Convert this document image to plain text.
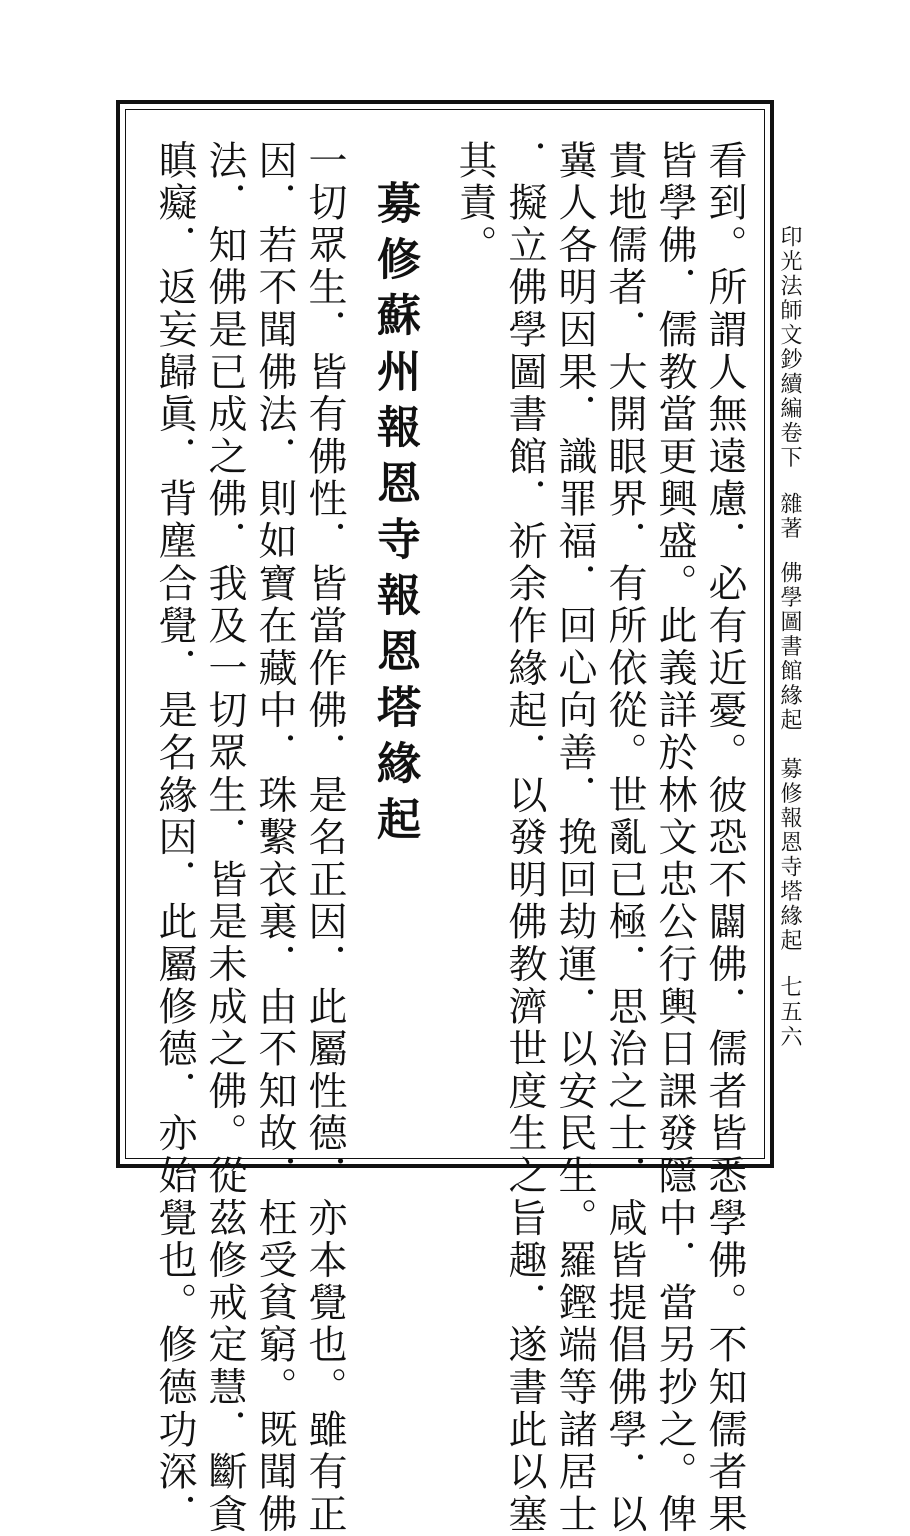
印光法師文鈔續編卷下雜著佛學圖書館緣起　募修報恩寺塔緣起
七五六
看到。所謂人無遠慮．必有近憂。彼恐不闢佛．儒者皆悉學佛。不知儒者果
皆學佛．儒教當更興盛。此義詳於林文忠公行輿日課發隱中．當另抄之。俾
貴地儒者．大開眼界．有所依從。世亂已極．思治之士．咸皆提倡佛學．以
冀人各明因果．識罪福．回心向善．挽回劫運．以安民生。羅鏗端等諸居士
．擬立佛學圖書館．祈余作緣起．以發明佛教濟世度生之旨趣．遂書此以塞
其責。
募修蘇州報恩寺報恩塔緣起
一切眾生．皆有佛性．皆當作佛．是名正因．此屬性德．亦本覺也。雖有正
因．若不聞佛法．則如寶在藏中．珠繫衣裏．由不知故．枉受貧窮。既聞佛
法．知佛是已成之佛．我及一切眾生．皆是未成之佛。從茲修戒定慧．斷貪
瞋癡．返妄歸眞．背塵合覺．是名緣因．此屬修德．亦始覺也。修德功深．
